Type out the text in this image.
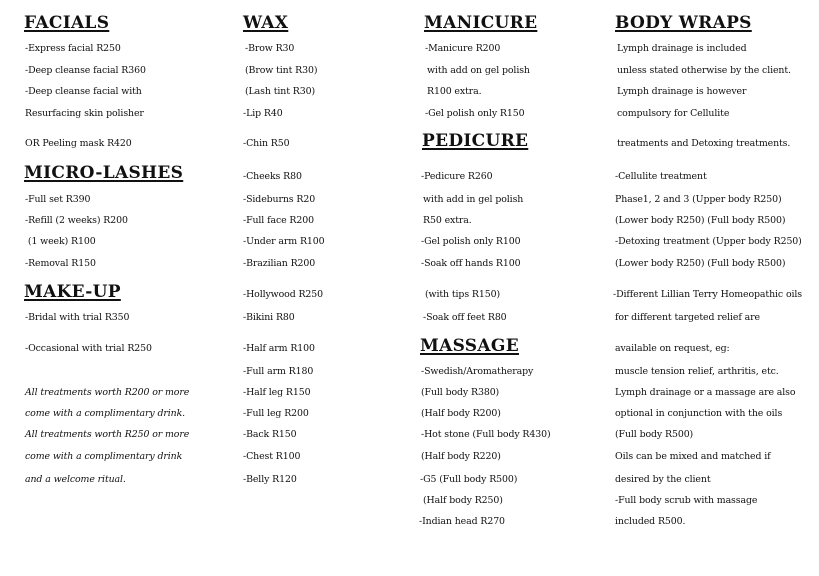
FACIALS
-Express facial R250
-Deep cleanse facial R360
-Deep cleanse facial with
Resurfacing skin polisher
OR Peeling mask R420
MICRO-LASHES
-Full set R390
-Refill (2 weeks) R200
(1 week) R100
-Removal R150
MAKE-UP
-Bridal with trial R350
-Occasional with trial R250
All treatments worth R200 or more
come with a complimentary drink.
All treatments worth R250 or more
come with a complimentary drink
and a welcome ritual.
WAX
-Brow R30
(Brow tint R30)
(Lash tint R30)
-Lip R40
-Chin R50
-Cheeks R80
-Sideburns R20
-Full face R200
-Under arm R100
-Brazilian R200
-Hollywood R250
-Bikini R80
-Half arm R100
-Full arm R180
-Half leg R150
-Full leg R200
-Back R150
-Chest R100
-Belly R120
MANICURE
-Manicure R200
with add on gel polish
R100 extra.
-Gel polish only R150
PEDICURE
-Pedicure R260
with add in gel polish
R50 extra.
-Gel polish only R100
-Soak off hands R100
(with tips R150)
-Soak off feet R80
MASSAGE
-Swedish/Aromatherapy
(Full body R380)
(Half body R200)
-Hot stone (Full body R430)
(Half body R220)
-G5 (Full body R500)
(Half body R250)
-Indian head R270
BODY WRAPS
Lymph drainage is included
unless stated otherwise by the client.
Lymph drainage is however
compulsory for Cellulite
treatments and Detoxing treatments.
-Cellulite treatment
Phase1, 2 and 3 (Upper body R250)
(Lower body R250) (Full body R500)
-Detoxing treatment (Upper body R250)
(Lower body R250) (Full body R500)
-Different Lillian Terry Homeopathic oils
for different targeted relief are
available on request, eg:
muscle tension relief, arthritis, etc.
Lymph drainage or a massage are also
optional in conjunction with the oils
(Full body R500)
Oils can be mixed and matched if
desired by the client
-Full body scrub with massage
included R500.
